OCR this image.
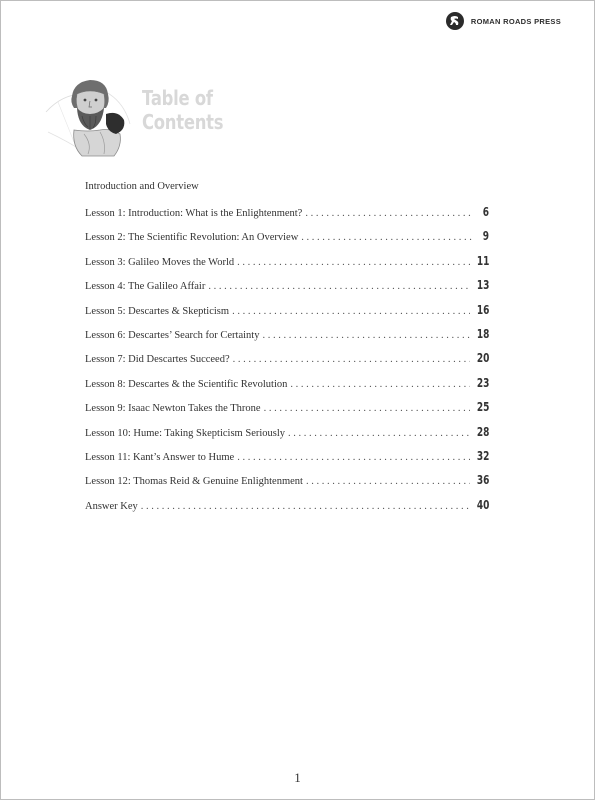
ROMAN ROADS PRESS
Table of
Contents
Introduction and Overview
Lesson 1: Introduction: What is the Enlightenment? . . .	6
Lesson 2: The Scientific Revolution: An Overview . . .	9
Lesson 3: Galileo Moves the World . . .	11
Lesson 4: The Galileo Affair . . .	13
Lesson 5: Descartes & Skepticism . . .	16
Lesson 6: Descartes’ Search for Certainty . . .	18
Lesson 7: Did Descartes Succeed? . . .	20
Lesson 8: Descartes & the Scientific Revolution . . .	23
Lesson 9: Isaac Newton Takes the Throne . . .	25
Lesson 10: Hume: Taking Skepticism Seriously . . .	28
Lesson 11: Kant’s Answer to Hume . . .	32
Lesson 12: Thomas Reid & Genuine Enlightenment . . .	36
Answer Key . . .	40
1
